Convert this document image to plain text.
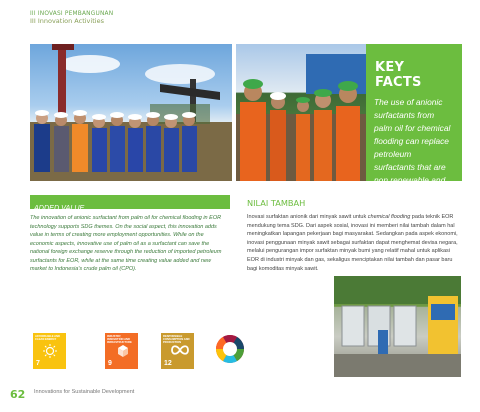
III INOVASI PEMBANGUNAN
III Innovation Activities
KEY FACTS
The use of anionic surfactants from palm oil for chemical flooding can replace petroleum surfactants that are non renewable and more expensive.
ADDED VALUE
The innovation of anionic surfactant from palm oil for chemical flooding in EOR technology supports SDG themes. On the social aspect, this innovation adds value in terms of creating more employment opportunities. While on the economic aspects, innovative use of palm oil as a surfactant can save the national foreign exchange reserve through the reduction of imported petroleum surfactants for EOR, while at the same time creating value added and new market to Indonesia's crude palm oil (CPO).
NILAI TAMBAH
Inovasi surfaktan anionik dari minyak sawit untuk chemical flooding pada teknik EOR mendukung tema SDG. Dari aspek sosial, inovasi ini memberi nilai tambah dalam hal meningkatkan lapangan pekerjaan bagi masyarakat. Sedangkan pada aspek ekonomi, inovasi penggunaan minyak sawit sebagai surfaktan dapat menghemat devisa negara, melalui pengurangan impor surfaktan minyak bumi yang relatif mahal untuk aplikasi EOR di industri minyak dan gas, sekaligus menciptakan nilai tambah dan pasar baru bagi komoditas minyak sawit.
AFFORDABLE AND CLEAN ENERGY
7
INDUSTRY, INNOVATION AND INFRASTRUCTURE
9
RESPONSIBLE CONSUMPTION AND PRODUCTION
12
62 Innovations for Sustainable Development
